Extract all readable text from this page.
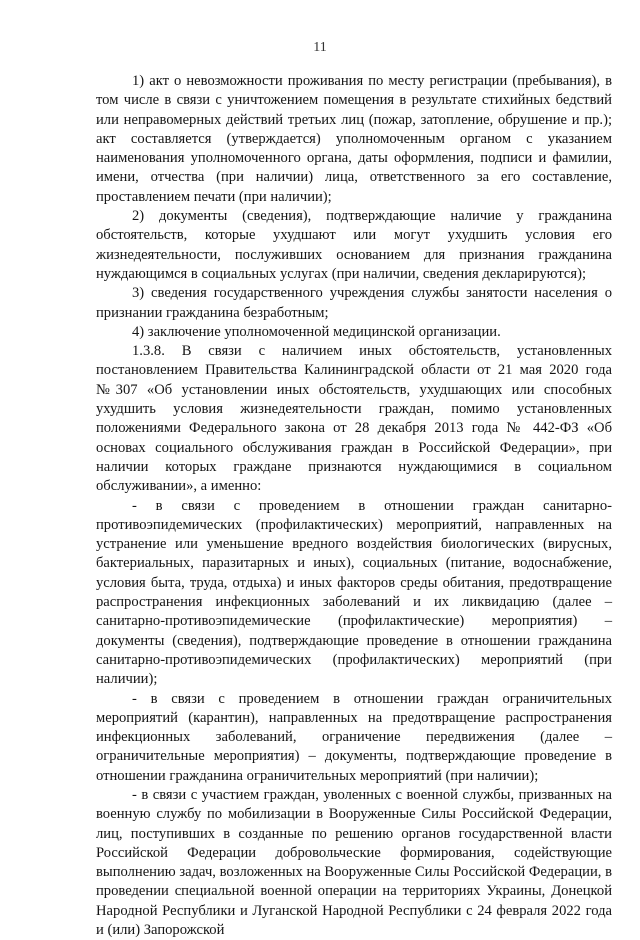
11

1) акт о невозможности проживания по месту регистрации (пребывания), в том числе в связи с уничтожением помещения в результате стихийных бедствий или неправомерных действий третьих лиц (пожар, затопление, обрушение и пр.); акт составляется (утверждается) уполномоченным органом с указанием наименования уполномоченного органа, даты оформления, подписи и фамилии, имени, отчества (при наличии) лица, ответственного за его составление, проставлением печати (при наличии);

2) документы (сведения), подтверждающие наличие у гражданина обстоятельств, которые ухудшают или могут ухудшить условия его жизнедеятельности, послуживших основанием для признания гражданина нуждающимся в социальных услугах (при наличии, сведения декларируются);

3) сведения государственного учреждения службы занятости населения о признании гражданина безработным;

4) заключение уполномоченной медицинской организации.

1.3.8. В связи с наличием иных обстоятельств, установленных постановлением Правительства Калининградской области от 21 мая 2020 года №307 «Об установлении иных обстоятельств, ухудшающих или способных ухудшить условия жизнедеятельности граждан, помимо установленных положениями Федерального закона от 28 декабря 2013 года № 442-ФЗ «Об основах социального обслуживания граждан в Российской Федерации», при наличии которых граждане признаются нуждающимися в социальном обслуживании», а именно:

- в связи с проведением в отношении граждан санитарно-противоэпидемических (профилактических) мероприятий, направленных на устранение или уменьшение вредного воздействия биологических (вирусных, бактериальных, паразитарных и иных), социальных (питание, водоснабжение, условия быта, труда, отдыха) и иных факторов среды обитания, предотвращение распространения инфекционных заболеваний и их ликвидацию (далее – санитарно-противоэпидемические (профилактические) мероприятия) – документы (сведения), подтверждающие проведение в отношении гражданина санитарно-противоэпидемических (профилактических) мероприятий (при наличии);

- в связи с проведением в отношении граждан ограничительных мероприятий (карантин), направленных на предотвращение распространения инфекционных заболеваний, ограничение передвижения (далее – ограничительные мероприятия) – документы, подтверждающие проведение в отношении гражданина ограничительных мероприятий (при наличии);

- в связи с участием граждан, уволенных с военной службы, призванных на военную службу по мобилизации в Вооруженные Силы Российской Федерации, лиц, поступивших в созданные по решению органов государственной власти Российской Федерации добровольческие формирования, содействующие выполнению задач, возложенных на Вооруженные Силы Российской Федерации, в проведении специальной военной операции на территориях Украины, Донецкой Народной Республики и Луганской Народной Республики с 24 февраля 2022 года и (или) Запорожской
